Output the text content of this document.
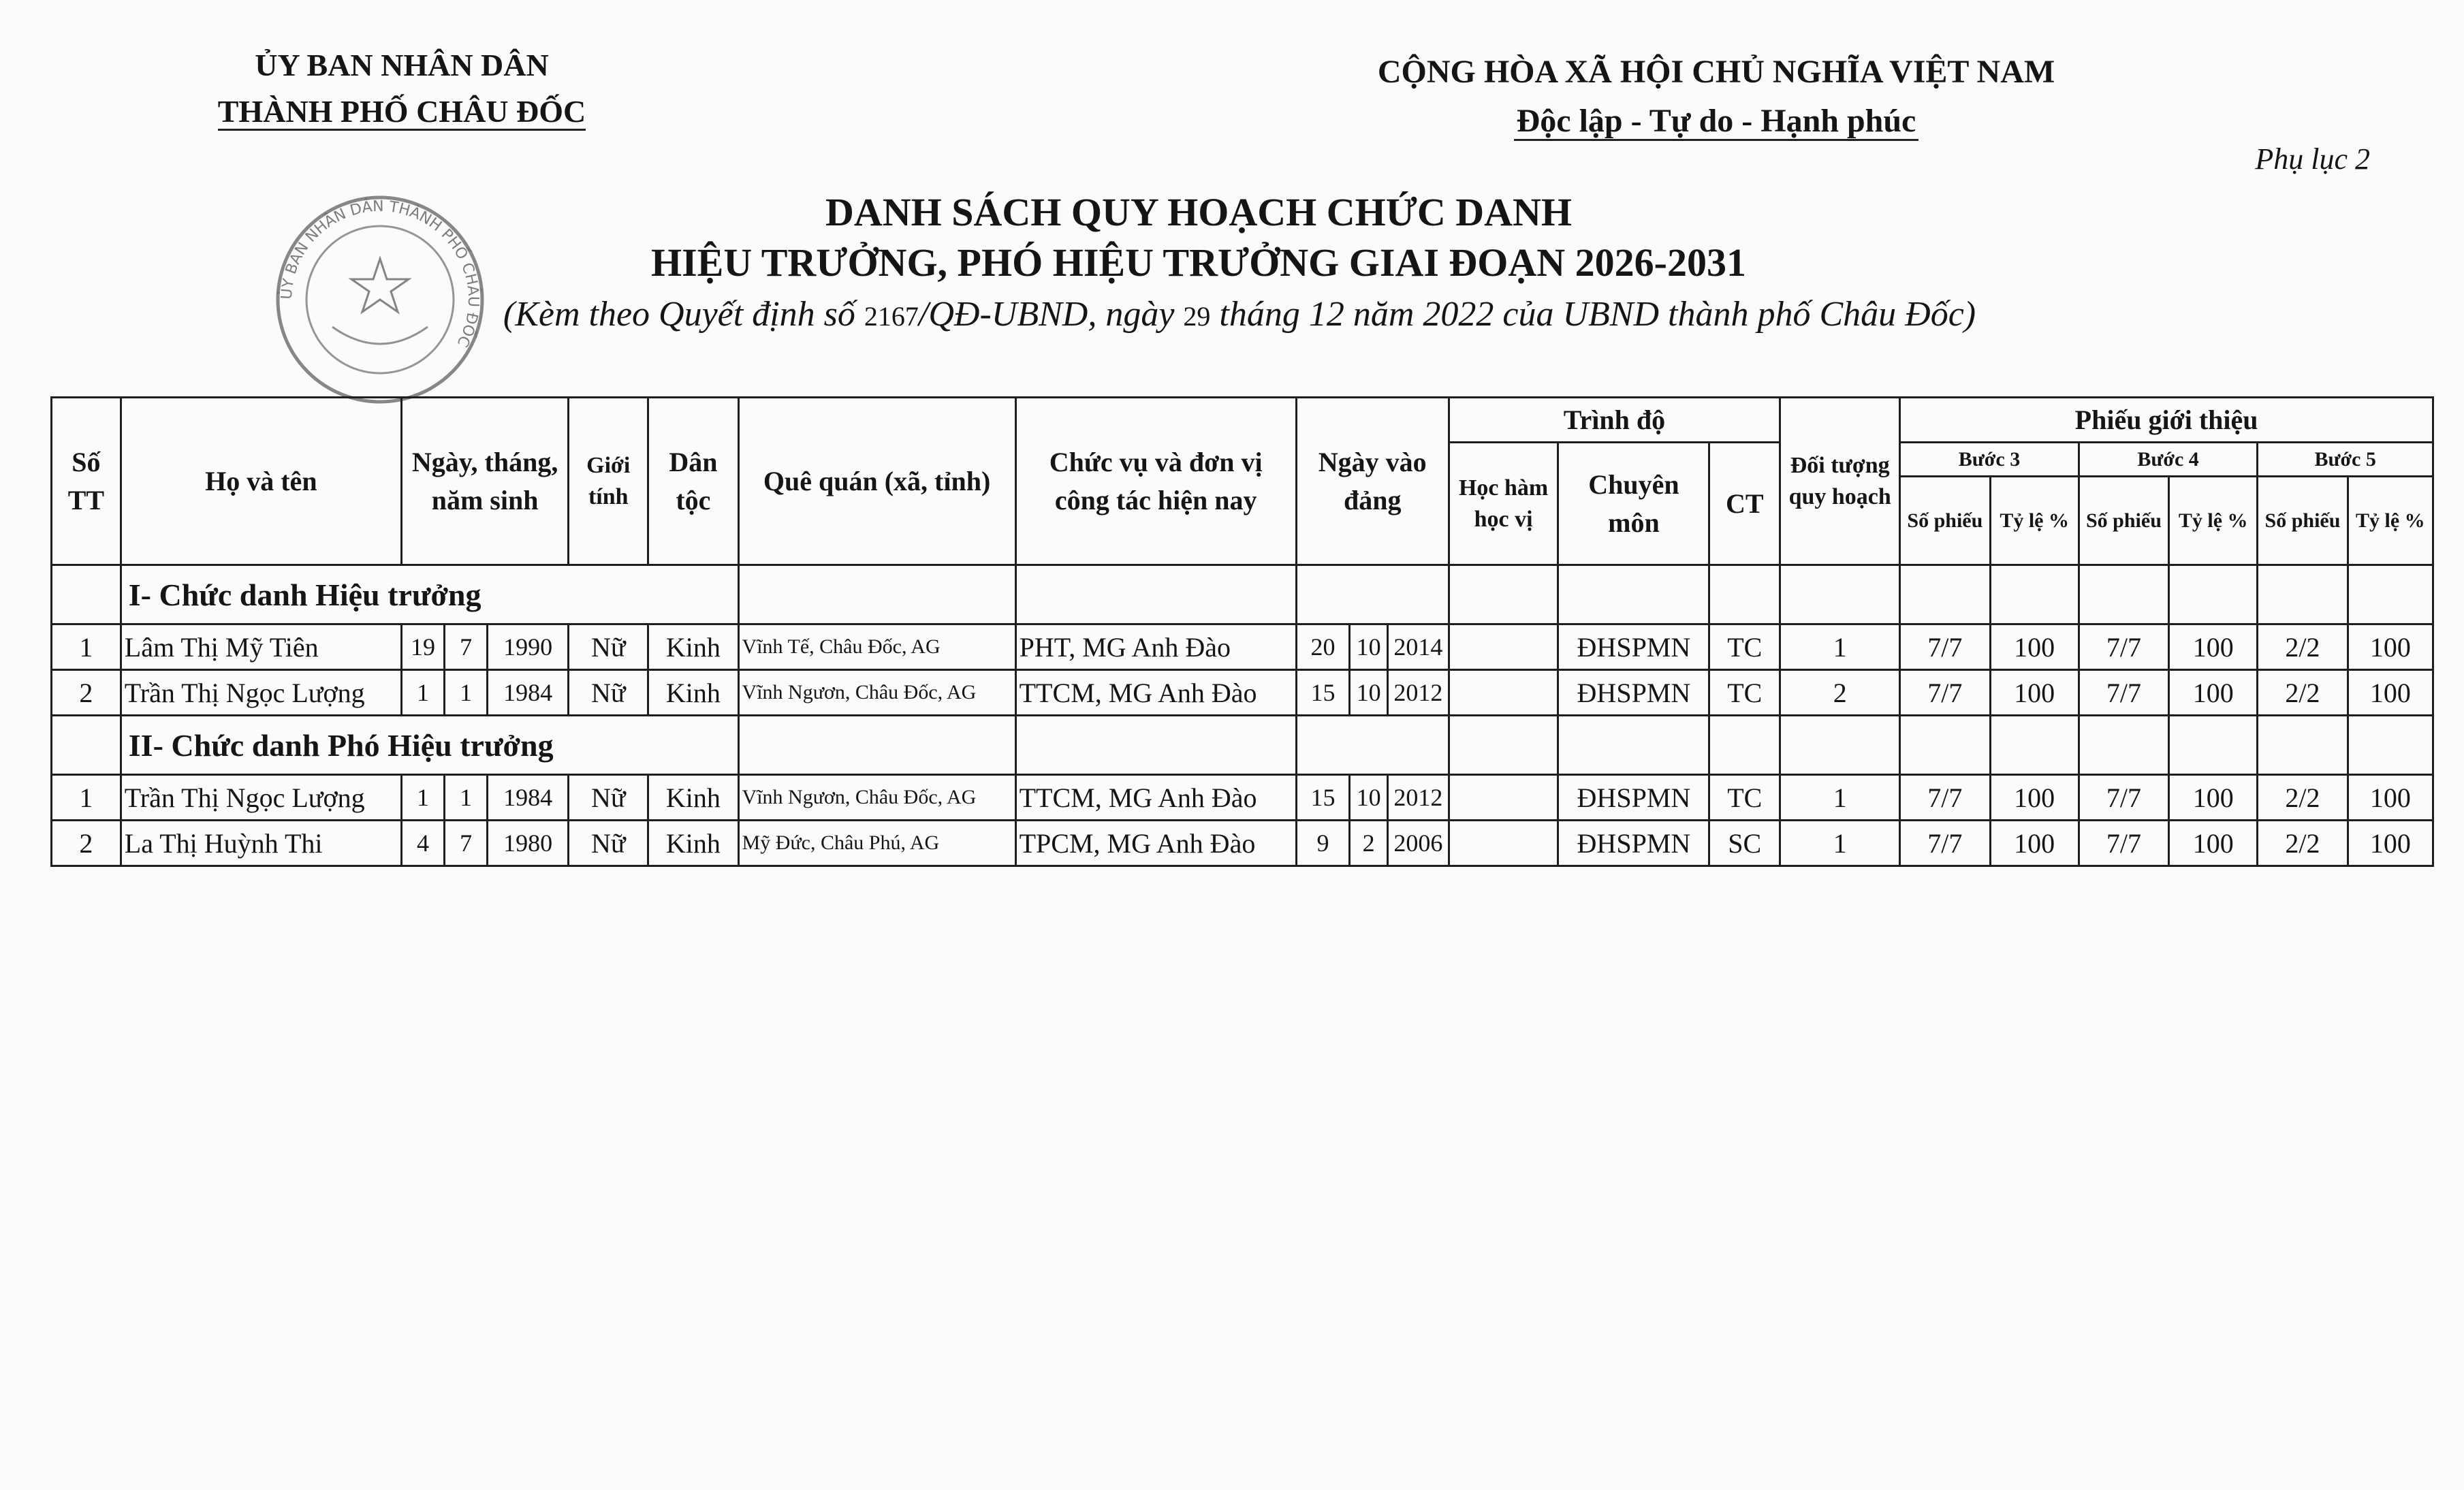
ỦY BAN NHÂN DÂN
THÀNH PHỐ CHÂU ĐỐC
CỘNG HÒA XÃ HỘI CHỦ NGHĨA VIỆT NAM
Độc lập - Tự do - Hạnh phúc
Phụ lục 2
ỦY BAN NHÂN DÂN THÀNH PHỐ CHÂU ĐỐC
DANH SÁCH QUY HOẠCH CHỨC DANH
HIỆU TRƯỞNG, PHÓ HIỆU TRƯỞNG GIAI ĐOẠN 2026-2031
(Kèm theo Quyết định số 2167/QĐ-UBND, ngày 29 tháng 12 năm 2022 của UBND thành phố Châu Đốc)
Số TT	Họ và tên	Ngày, tháng, năm sinh			Giới tính	Dân tộc	Quê quán (xã, tỉnh)	Chức vụ và đơn vị công tác hiện nay	Ngày vào đảng			Trình độ			Đối tượng quy hoạch	Phiếu giới thiệu					
												Học hàm học vị	Chuyên môn	CT		Bước 3		Bước 4		Bước 5	
																Số phiếu	Tỷ lệ %	Số phiếu	Tỷ lệ %	Số phiếu	Tỷ lệ %
	I- Chức danh Hiệu trưởng																				
1	Lâm Thị Mỹ Tiên	19	7	1990	Nữ	Kinh	Vĩnh Tế, Châu Đốc, AG	PHT, MG Anh Đào	20	10	2014		ĐHSPMN	TC	1	7/7	100	7/7	100	2/2	100
2	Trần Thị Ngọc Lượng	1	1	1984	Nữ	Kinh	Vĩnh Ngươn, Châu Đốc, AG	TTCM, MG Anh Đào	15	10	2012		ĐHSPMN	TC	2	7/7	100	7/7	100	2/2	100
	II- Chức danh Phó Hiệu trưởng																				
1	Trần Thị Ngọc Lượng	1	1	1984	Nữ	Kinh	Vĩnh Ngươn, Châu Đốc, AG	TTCM, MG Anh Đào	15	10	2012		ĐHSPMN	TC	1	7/7	100	7/7	100	2/2	100
2	La Thị Huỳnh Thi	4	7	1980	Nữ	Kinh	Mỹ Đức, Châu Phú, AG	TPCM, MG Anh Đào	9	2	2006		ĐHSPMN	SC	1	7/7	100	7/7	100	2/2	100
